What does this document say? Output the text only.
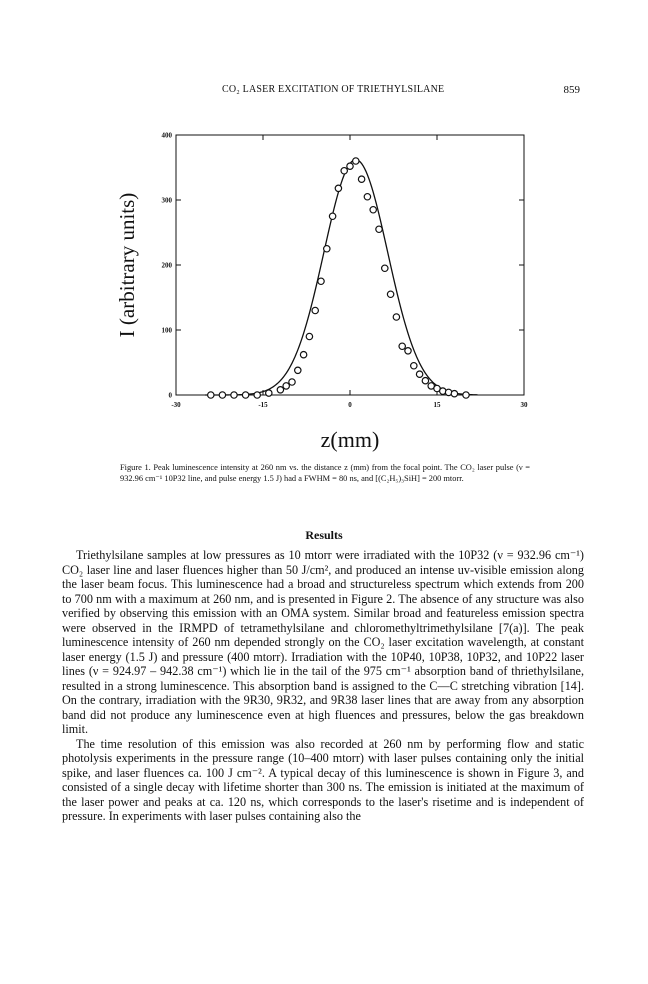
CO₂ LASER EXCITATION OF TRIETHYLSILANE	859
-30	-15	0	15	30
0
100
200
300
400
z(mm)
I (arbitrary units)
Figure 1. Peak luminescence intensity at 260 nm vs. the distance z (mm) from the focal point. The CO₂ laser pulse (ν = 932.96 cm⁻¹ 10P32 line, and pulse energy 1.5 J) had a FWHM = 80 ns, and [(C₂H₅)₃SiH] = 200 mtorr.
Results

Triethylsilane samples at low pressures as 10 mtorr were irradiated with the 10P32 (ν = 932.96 cm⁻¹) CO₂ laser line and laser fluences higher than 50 J/cm², and produced an intense uv-visible emission along the laser beam focus. This luminescence had a broad and structureless spectrum which extends from 200 to 700 nm with a maximum at 260 nm, and is presented in Figure 2. The absence of any structure was also verified by observing this emission with an OMA system. Similar broad and featureless emission spectra were observed in the IRMPD of tetramethylsilane and chloromethyltrimethylsilane [7(a)]. The peak luminescence intensity of 260 nm depended strongly on the CO₂ laser excitation wavelength, at constant laser energy (1.5 J) and pressure (400 mtorr). Irradiation with the 10P40, 10P38, 10P32, and 10P22 laser lines (ν = 924.97 – 942.38 cm⁻¹) which lie in the tail of the 975 cm⁻¹ absorption band of thriethylsilane, resulted in a strong luminescence. This absorption band is assigned to the C—C stretching vibration [14]. On the contrary, irradiation with the 9R30, 9R32, and 9R38 laser lines that are away from any absorption band did not produce any luminescence even at high fluences and pressures, below the gas breakdown limit.

The time resolution of this emission was also recorded at 260 nm by performing flow and static photolysis experiments in the pressure range (10–400 mtorr) with laser pulses containing only the initial spike, and laser fluences ca. 100 J cm⁻². A typical decay of this luminescence is shown in Figure 3, and consisted of a single decay with lifetime shorter than 300 ns. The emission is initiated at the maximum of the laser power and peaks at ca. 120 ns, which corresponds to the laser's risetime and is independent of pressure. In experiments with laser pulses containing also the
